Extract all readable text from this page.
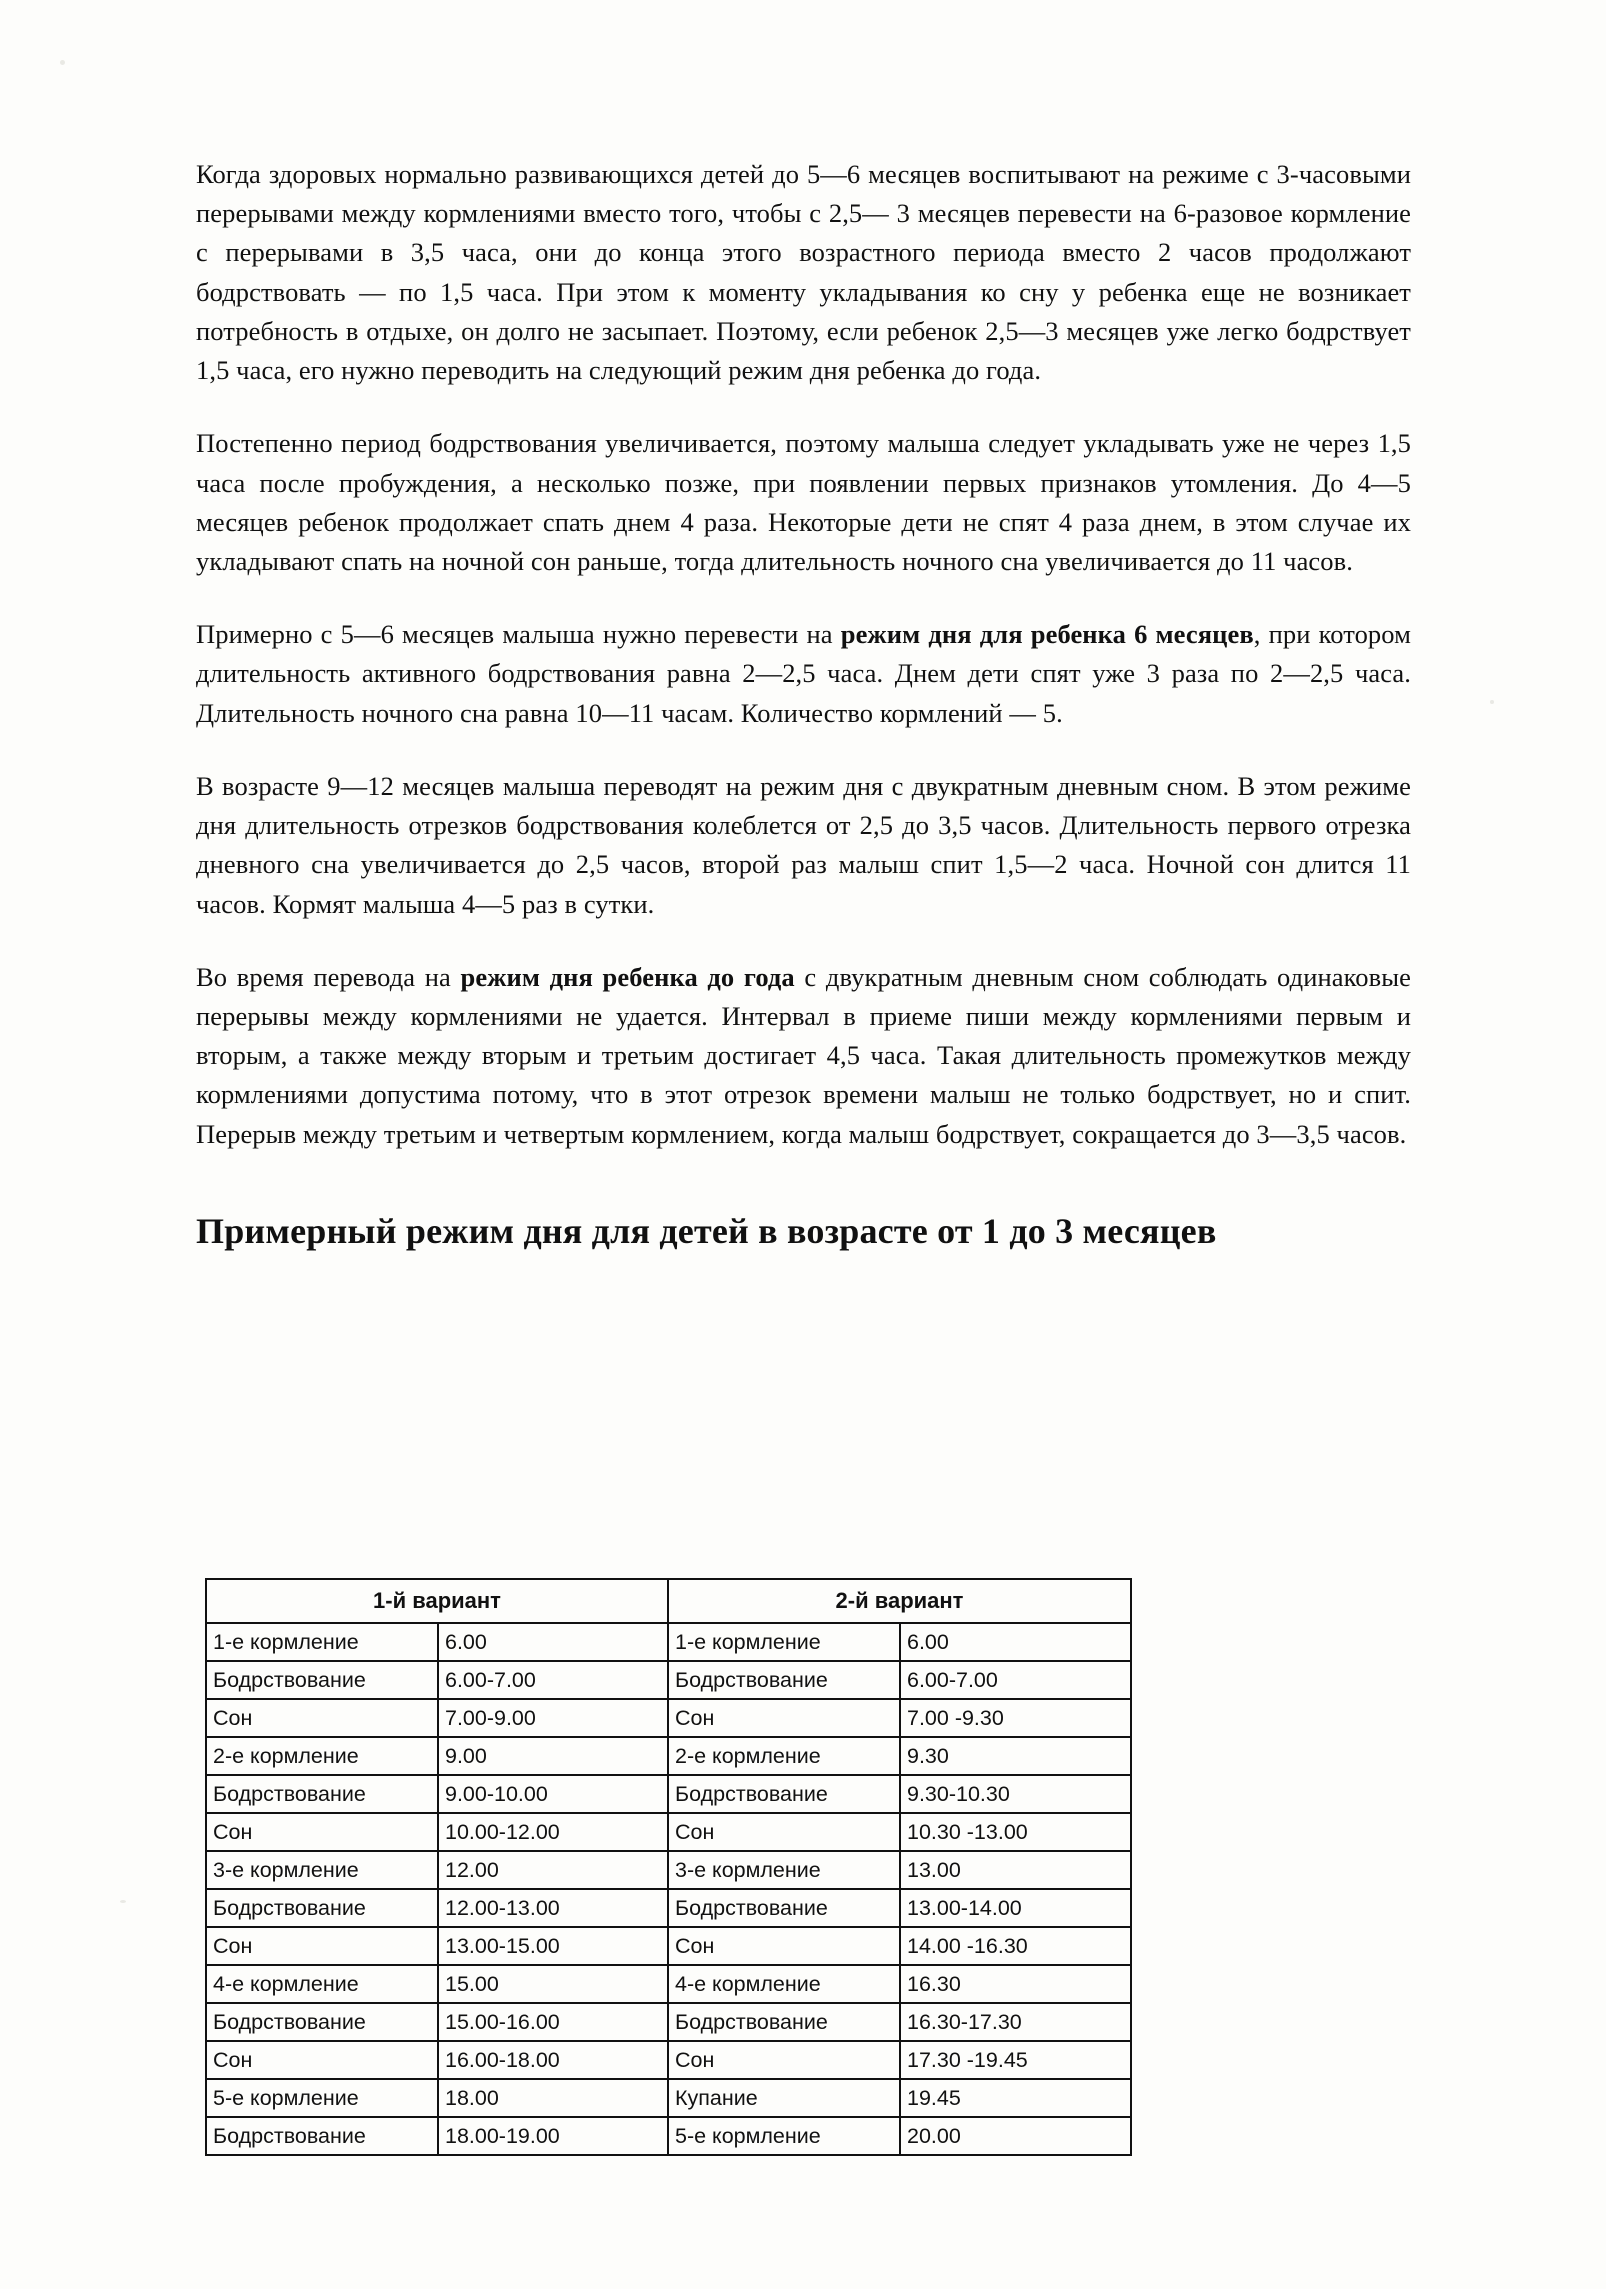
Когда здоровых нормально развивающихся детей до 5—6 месяцев воспитывают на режиме с 3-часовыми перерывами между кормлениями вместо того, чтобы с 2,5— 3 месяцев перевести на 6-разовое кормление с перерывами в 3,5 часа, они до конца этого возрастного периода вместо 2 часов продолжают бодрствовать — по 1,5 часа. При этом к моменту укладывания ко сну у ребенка еще не возникает потребность в отдыхе, он долго не засыпает. Поэтому, если ребенок 2,5—3 месяцев уже легко бодрствует 1,5 часа, его нужно переводить на следующий режим дня ребенка до года.

Постепенно период бодрствования увеличивается, поэтому малыша следует укладывать уже не через 1,5 часа после пробуждения, а несколько позже, при появлении первых признаков утомления. До 4—5 месяцев ребенок продолжает спать днем 4 раза. Некоторые дети не спят 4 раза днем, в этом случае их укладывают спать на ночной сон раньше, тогда длительность ночного сна увеличивается до 11 часов.

Примерно с 5—6 месяцев малыша нужно перевести на режим дня для ребенка 6 месяцев, при котором длительность активного бодрствования равна 2—2,5 часа. Днем дети спят уже 3 раза по 2—2,5 часа. Длительность ночного сна равна 10—11 часам. Количество кормлений — 5.

В возрасте 9—12 месяцев малыша переводят на режим дня с двукратным дневным сном. В этом режиме дня длительность отрезков бодрствования колеблется от 2,5 до 3,5 часов. Длительность первого отрезка дневного сна увеличивается до 2,5 часов, второй раз малыш спит 1,5—2 часа. Ночной сон длится 11 часов. Кормят малыша 4—5 раз в сутки.

Во время перевода на режим дня ребенка до года с двукратным дневным сном соблюдать одинаковые перерывы между кормлениями не удается. Интервал в приеме пиши между кормлениями первым и вторым, а также между вторым и третьим достигает 4,5 часа. Такая длительность промежутков между кормлениями допустима потому, что в этот отрезок времени малыш не только бодрствует, но и спит. Перерыв между третьим и четвертым кормлением, когда малыш бодрствует, сокращается до 3—3,5 часов.

Примерный режим дня для детей в возрасте от 1 до 3 месяцев
1-й вариант		2-й вариант	
1-е кормление	6.00	1-е кормление	6.00
Бодрствование	6.00-7.00	Бодрствование	6.00-7.00
Сон	7.00-9.00	Сон	7.00 -9.30
2-е кормление	9.00	2-е кормление	9.30
Бодрствование	9.00-10.00	Бодрствование	9.30-10.30
Сон	10.00-12.00	Сон	10.30 -13.00
3-е кормление	12.00	3-е кормление	13.00
Бодрствование	12.00-13.00	Бодрствование	13.00-14.00
Сон	13.00-15.00	Сон	14.00 -16.30
4-е кормление	15.00	4-е кормление	16.30
Бодрствование	15.00-16.00	Бодрствование	16.30-17.30
Сон	16.00-18.00	Сон	17.30 -19.45
5-е кормление	18.00	Купание	19.45
Бодрствование	18.00-19.00	5-е кормление	20.00
